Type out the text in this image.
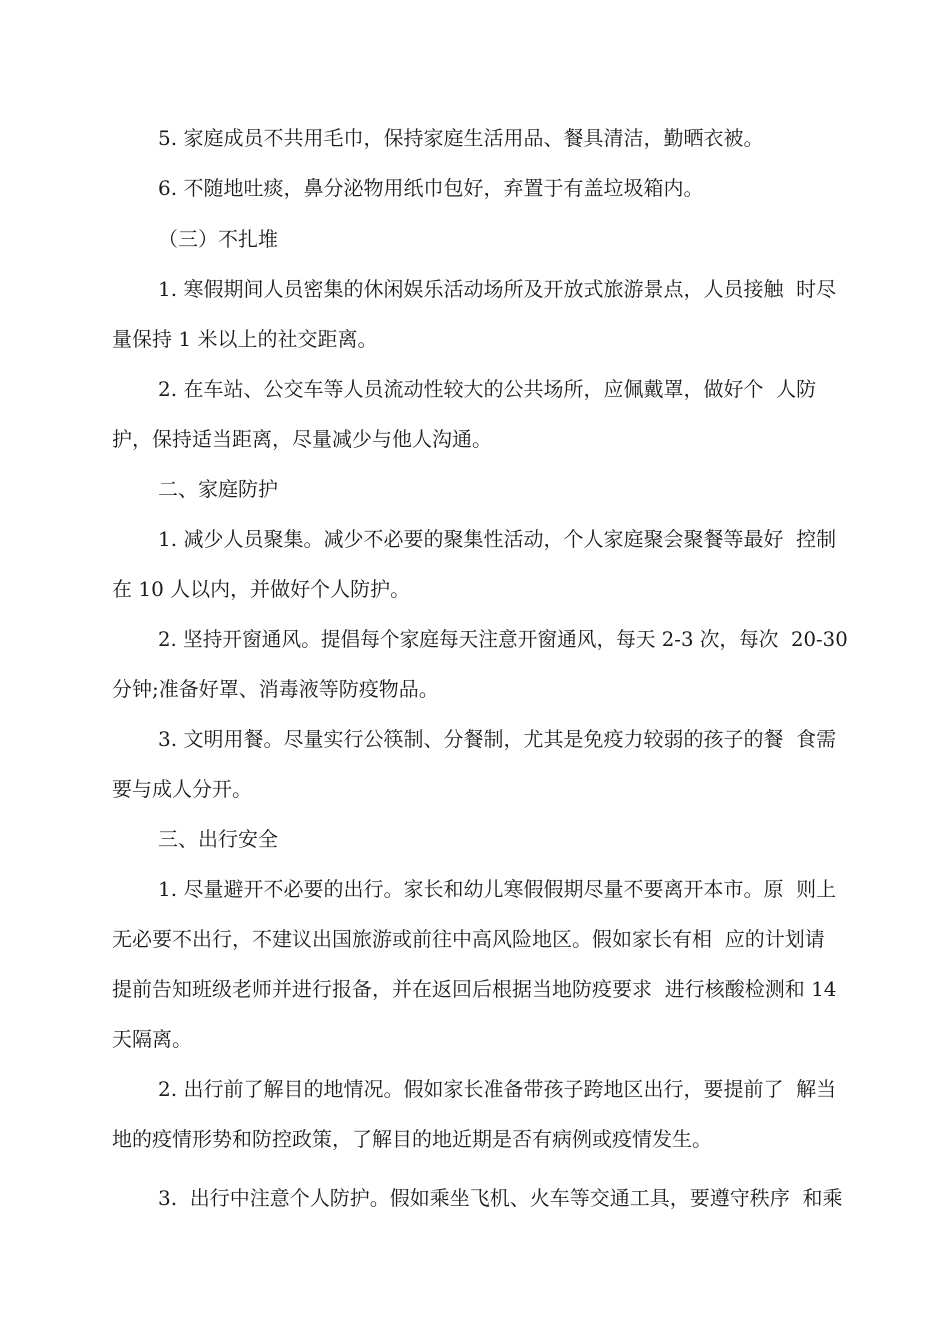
5. 家庭成员不共用毛巾，保持家庭生活用品、餐具清洁，勤晒衣被。

6. 不随地吐痰，鼻分泌物用纸巾包好，弃置于有盖垃圾箱内。

（三）不扎堆

1. 寒假期间人员密集的休闲娱乐活动场所及开放式旅游景点，人员接触  时尽

量保持 1 米以上的社交距离。

2. 在车站、公交车等人员流动性较大的公共场所，应佩戴罩，做好个  人防

护，保持适当距离，尽量减少与他人沟通。

二、家庭防护

1. 减少人员聚集。减少不必要的聚集性活动，个人家庭聚会聚餐等最好  控制

在 10 人以内，并做好个人防护。

2. 坚持开窗通风。提倡每个家庭每天注意开窗通风，每天 2-3 次，每次  20-30

分钟;准备好罩、消毒液等防疫物品。

3. 文明用餐。尽量实行公筷制、分餐制，尤其是免疫力较弱的孩子的餐  食需

要与成人分开。

三、出行安全

1. 尽量避开不必要的出行。家长和幼儿寒假假期尽量不要离开本市。原  则上

无必要不出行，不建议出国旅游或前往中高风险地区。假如家长有相  应的计划请

提前告知班级老师并进行报备，并在返回后根据当地防疫要求  进行核酸检测和 14

天隔离。

2. 出行前了解目的地情况。假如家长准备带孩子跨地区出行，要提前了  解当

地的疫情形势和防控政策，了解目的地近期是否有病例或疫情发生。

3.  出行中注意个人防护。假如乘坐飞机、火车等交通工具，要遵守秩序  和乘
